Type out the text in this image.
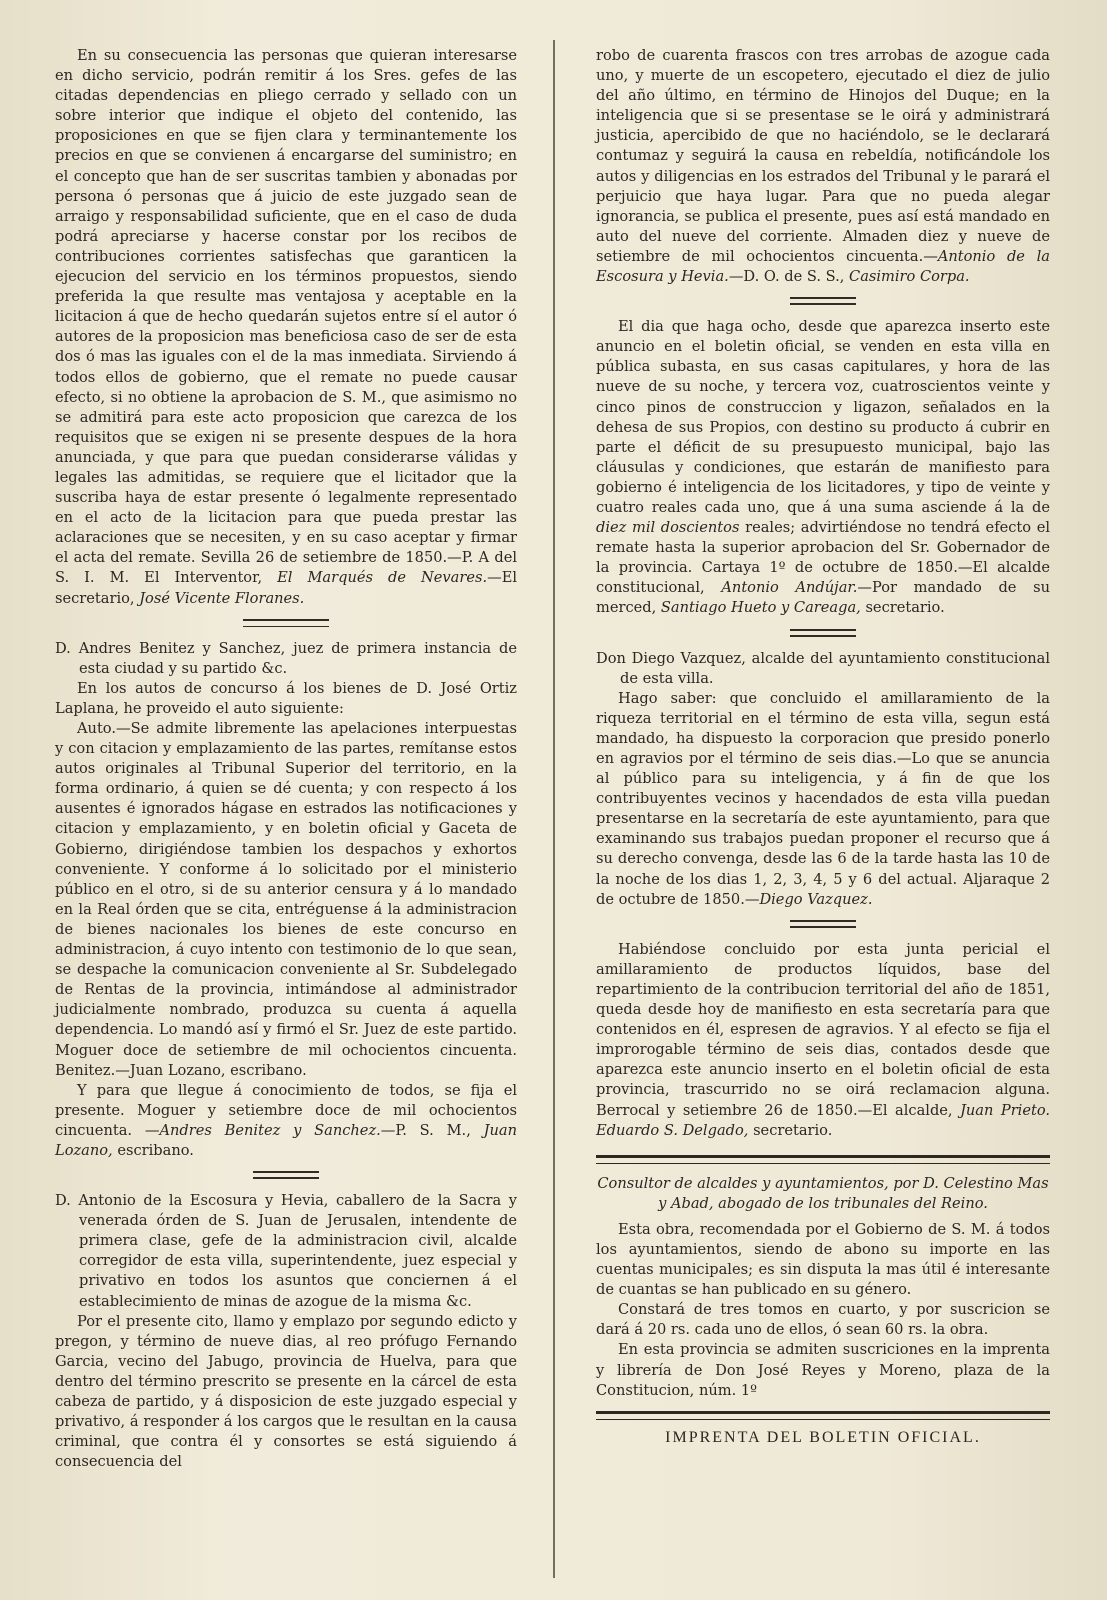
En su consecuencia las personas que quieran interesarse en dicho servicio, podrán remitir á los Sres. gefes de las citadas dependencias en pliego cerrado y sellado con un sobre interior que indique el objeto del contenido, las proposiciones en que se fijen clara y terminantemente los precios en que se convienen á encargarse del suministro; en el concepto que han de ser suscritas tambien y abonadas por persona ó personas que á juicio de este juzgado sean de arraigo y responsabilidad suficiente, que en el caso de duda podrá apreciarse y hacerse constar por los recibos de contribuciones corrientes satisfechas que garanticen la ejecucion del servicio en los términos propuestos, siendo preferida la que resulte mas ventajosa y aceptable en la licitacion á que de hecho quedarán sujetos entre sí el autor ó autores de la proposicion mas beneficiosa caso de ser de esta dos ó mas las iguales con el de la mas inmediata. Sirviendo á todos ellos de gobierno, que el remate no puede causar efecto, si no obtiene la aprobacion de S. M., que asimismo no se admitirá para este acto proposicion que carezca de los requisitos que se exigen ni se presente despues de la hora anunciada, y que para que puedan considerarse válidas y legales las admitidas, se requiere que el licitador que la suscriba haya de estar presente ó legalmente representado en el acto de la licitacion para que pueda prestar las aclaraciones que se necesiten, y en su caso aceptar y firmar el acta del remate. Sevilla 26 de setiembre de 1850.—P. A del S. I. M. El Interventor, El Marqués de Nevares.—El secretario, José Vicente Floranes.

D. Andres Benitez y Sanchez, juez de primera instancia de esta ciudad y su partido &c.

En los autos de concurso á los bienes de D. José Ortiz Laplana, he proveido el auto siguiente:

Auto.—Se admite libremente las apelaciones interpuestas y con citacion y emplazamiento de las partes, remítanse estos autos originales al Tribunal Superior del territorio, en la forma ordinario, á quien se dé cuenta; y con respecto á los ausentes é ignorados hágase en estrados las notificaciones y citacion y emplazamiento, y en boletin oficial y Gaceta de Gobierno, dirigiéndose tambien los despachos y exhortos conveniente. Y conforme á lo solicitado por el ministerio público en el otro, si de su anterior censura y á lo mandado en la Real órden que se cita, entréguense á la administracion de bienes nacionales los bienes de este concurso en administracion, á cuyo intento con testimonio de lo que sean, se despache la comunicacion conveniente al Sr. Subdelegado de Rentas de la provincia, intimándose al administrador judicialmente nombrado, produzca su cuenta á aquella dependencia. Lo mandó así y firmó el Sr. Juez de este partido. Moguer doce de setiembre de mil ochocientos cincuenta. Benitez.—Juan Lozano, escribano.

Y para que llegue á conocimiento de todos, se fija el presente. Moguer y setiembre doce de mil ochocientos cincuenta. —Andres Benitez y Sanchez.—P. S. M., Juan Lozano, escribano.

D. Antonio de la Escosura y Hevia, caballero de la Sacra y venerada órden de S. Juan de Jerusalen, intendente de primera clase, gefe de la administracion civil, alcalde corregidor de esta villa, superintendente, juez especial y privativo en todos los asuntos que conciernen á el establecimiento de minas de azogue de la misma &c.

Por el presente cito, llamo y emplazo por segundo edicto y pregon, y término de nueve dias, al reo prófugo Fernando Garcia, vecino del Jabugo, provincia de Huelva, para que dentro del término prescrito se presente en la cárcel de esta cabeza de partido, y á disposicion de este juzgado especial y privativo, á responder á los cargos que le resultan en la causa criminal, que contra él y consortes se está siguiendo á consecuencia del

robo de cuarenta frascos con tres arrobas de azogue cada uno, y muerte de un escopetero, ejecutado el diez de julio del año último, en término de Hinojos del Duque; en la inteligencia que si se presentase se le oirá y administrará justicia, apercibido de que no haciéndolo, se le declarará contumaz y seguirá la causa en rebeldía, notificándole los autos y diligencias en los estrados del Tribunal y le parará el perjuicio que haya lugar. Para que no pueda alegar ignorancia, se publica el presente, pues así está mandado en auto del nueve del corriente. Almaden diez y nueve de setiembre de mil ochocientos cincuenta.—Antonio de la Escosura y Hevia.—D. O. de S. S., Casimiro Corpa.

El dia que haga ocho, desde que aparezca inserto este anuncio en el boletin oficial, se venden en esta villa en pública subasta, en sus casas capitulares, y hora de las nueve de su noche, y tercera voz, cuatroscientos veinte y cinco pinos de construccion y ligazon, señalados en la dehesa de sus Propios, con destino su producto á cubrir en parte el déficit de su presupuesto municipal, bajo las cláusulas y condiciones, que estarán de manifiesto para gobierno é inteligencia de los licitadores, y tipo de veinte y cuatro reales cada uno, que á una suma asciende á la de diez mil doscientos reales; advirtiéndose no tendrá efecto el remate hasta la superior aprobacion del Sr. Gobernador de la provincia. Cartaya 1º de octubre de 1850.—El alcalde constitucional, Antonio Andújar.—Por mandado de su merced, Santiago Hueto y Careaga, secretario.

Don Diego Vazquez, alcalde del ayuntamiento constitucional de esta villa.

Hago saber: que concluido el amillaramiento de la riqueza territorial en el término de esta villa, segun está mandado, ha dispuesto la corporacion que presido ponerlo en agravios por el término de seis dias.—Lo que se anuncia al público para su inteligencia, y á fin de que los contribuyentes vecinos y hacendados de esta villa puedan presentarse en la secretaría de este ayuntamiento, para que examinando sus trabajos puedan proponer el recurso que á su derecho convenga, desde las 6 de la tarde hasta las 10 de la noche de los dias 1, 2, 3, 4, 5 y 6 del actual. Aljaraque 2 de octubre de 1850.—Diego Vazquez.

Habiéndose concluido por esta junta pericial el amillaramiento de productos líquidos, base del repartimiento de la contribucion territorial del año de 1851, queda desde hoy de manifiesto en esta secretaría para que contenidos en él, espresen de agravios. Y al efecto se fija el improrogable término de seis dias, contados desde que aparezca este anuncio inserto en el boletin oficial de esta provincia, trascurrido no se oirá reclamacion alguna. Berrocal y setiembre 26 de 1850.—El alcalde, Juan Prieto. Eduardo S. Delgado, secretario.

Consultor de alcaldes y ayuntamientos, por D. Celestino Mas y Abad, abogado de los tribunales del Reino.

Esta obra, recomendada por el Gobierno de S. M. á todos los ayuntamientos, siendo de abono su importe en las cuentas municipales; es sin disputa la mas útil é interesante de cuantas se han publicado en su género.

Constará de tres tomos en cuarto, y por suscricion se dará á 20 rs. cada uno de ellos, ó sean 60 rs. la obra.

En esta provincia se admiten suscriciones en la imprenta y librería de Don José Reyes y Moreno, plaza de la Constitucion, núm. 1º

IMPRENTA DEL BOLETIN OFICIAL.
